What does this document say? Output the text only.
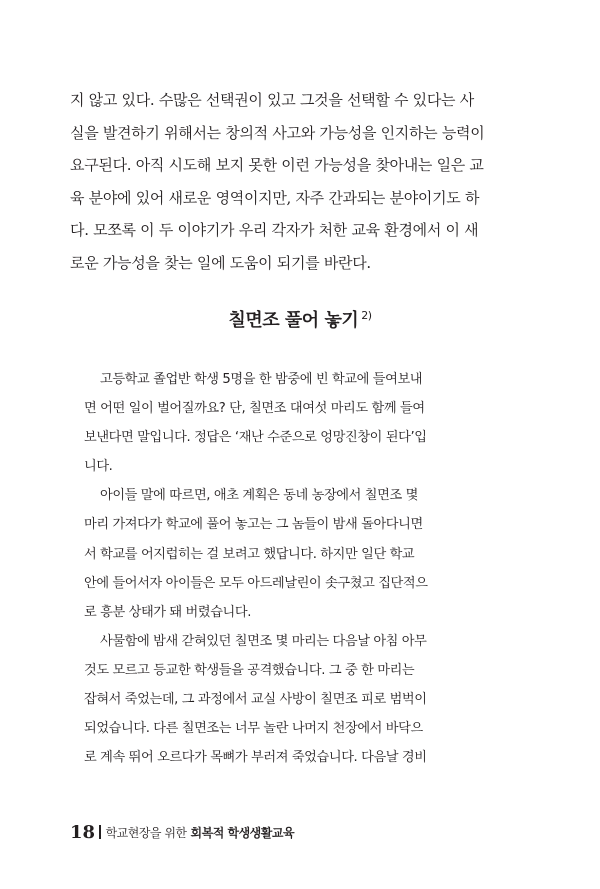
지 않고 있다. 수많은 선택권이 있고 그것을 선택할 수 있다는 사
실을 발견하기 위해서는 창의적 사고와 가능성을 인지하는 능력이
요구된다. 아직 시도해 보지 못한 이런 가능성을 찾아내는 일은 교
육 분야에 있어 새로운 영역이지만, 자주 간과되는 분야이기도 하
다. 모쪼록 이 두 이야기가 우리 각자가 처한 교육 환경에서 이 새
로운 가능성을 찾는 일에 도움이 되기를 바란다.
칠면조 풀어 놓기 $^{2)}$
고등학교 졸업반 학생 5명을 한 밤중에 빈 학교에 들여보내
면 어떤 일이 벌어질까요? 단, 칠면조 대여섯 마리도 함께 들여
보낸다면 말입니다. 정답은 ‘재난 수준으로 엉망진창이 된다’입
니다.
아이들 말에 따르면, 애초 계획은 동네 농장에서 칠면조 몇
마리 가져다가 학교에 풀어 놓고는 그 놈들이 밤새 돌아다니면
서 학교를 어지럽히는 걸 보려고 했답니다. 하지만 일단 학교
안에 들어서자 아이들은 모두 아드레날린이 솟구쳤고 집단적으
로 흥분 상태가 돼 버렸습니다.
사물함에 밤새 갇혀있던 칠면조 몇 마리는 다음날 아침 아무
것도 모르고 등교한 학생들을 공격했습니다. 그 중 한 마리는
잡혀서 죽었는데, 그 과정에서 교실 사방이 칠면조 피로 범벅이
되었습니다. 다른 칠면조는 너무 놀란 나머지 천장에서 바닥으
로 계속 뛰어 오르다가 목뼈가 부러져 죽었습니다. 다음날 경비
18 학교현장을 위한 회복적 학생생활교육
